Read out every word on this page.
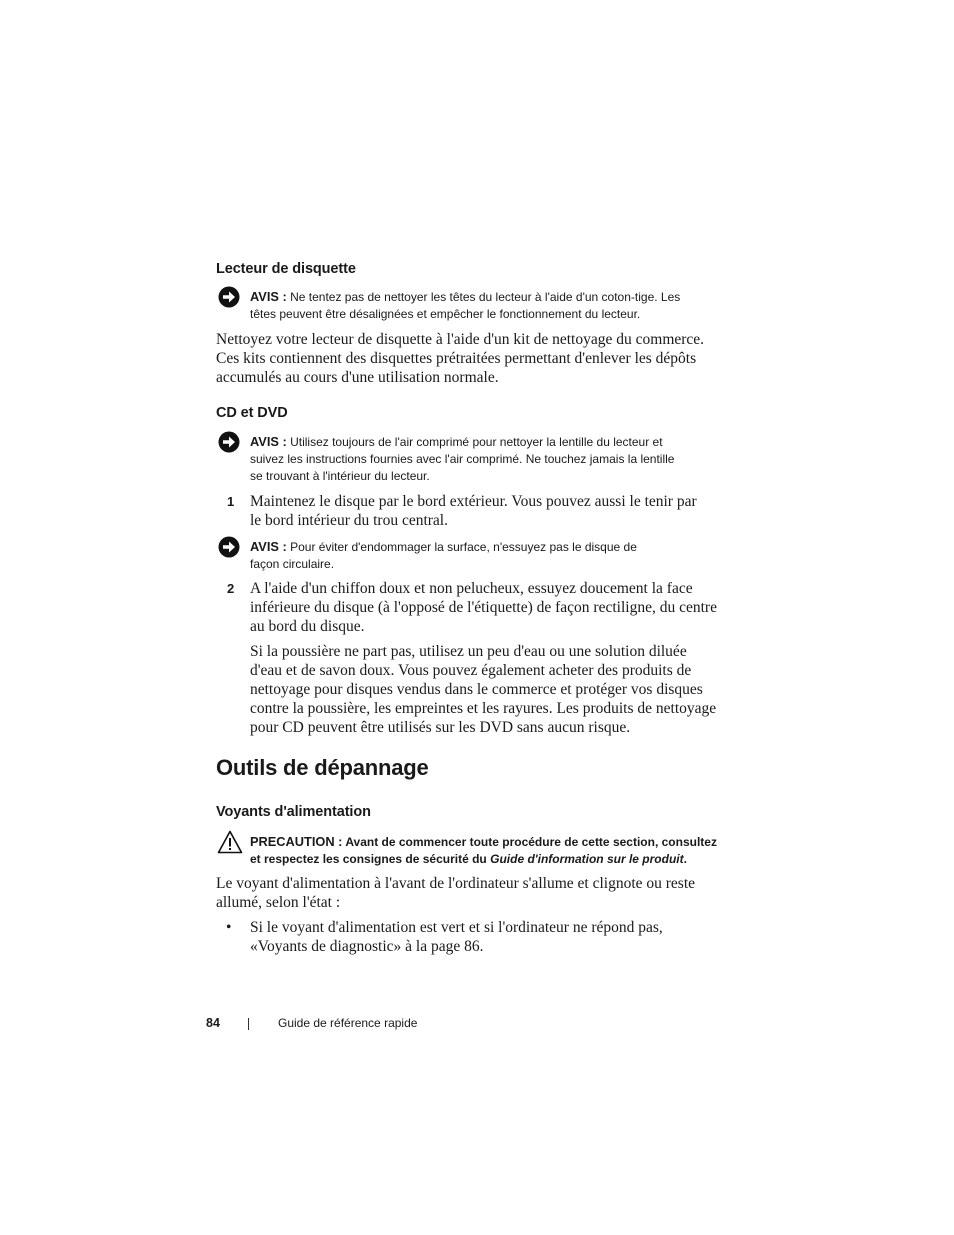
Lecteur de disquette
AVIS : Ne tentez pas de nettoyer les têtes du lecteur à l'aide d'un coton-tige. Les
têtes peuvent être désalignées et empêcher le fonctionnement du lecteur.
Nettoyez votre lecteur de disquette à l'aide d'un kit de nettoyage du commerce.
Ces kits contiennent des disquettes prétraitées permettant d'enlever les dépôts
accumulés au cours d'une utilisation normale.
CD et DVD
AVIS : Utilisez toujours de l'air comprimé pour nettoyer la lentille du lecteur et
suivez les instructions fournies avec l'air comprimé. Ne touchez jamais la lentille
se trouvant à l'intérieur du lecteur.
1 Maintenez le disque par le bord extérieur. Vous pouvez aussi le tenir par
le bord intérieur du trou central.
AVIS : Pour éviter d'endommager la surface, n'essuyez pas le disque de
façon circulaire.
2 A l'aide d'un chiffon doux et non pelucheux, essuyez doucement la face
inférieure du disque (à l'opposé de l'étiquette) de façon rectiligne, du centre
au bord du disque.
Si la poussière ne part pas, utilisez un peu d'eau ou une solution diluée
d'eau et de savon doux. Vous pouvez également acheter des produits de
nettoyage pour disques vendus dans le commerce et protéger vos disques
contre la poussière, les empreintes et les rayures. Les produits de nettoyage
pour CD peuvent être utilisés sur les DVD sans aucun risque.
Outils de dépannage
Voyants d'alimentation
PRECAUTION : Avant de commencer toute procédure de cette section, consultez
et respectez les consignes de sécurité du Guide d'information sur le produit.
Le voyant d'alimentation à l'avant de l'ordinateur s'allume et clignote ou reste
allumé, selon l'état :
• Si le voyant d'alimentation est vert et si l'ordinateur ne répond pas,
«Voyants de diagnostic» à la page 86.
84	Guide de référence rapide
